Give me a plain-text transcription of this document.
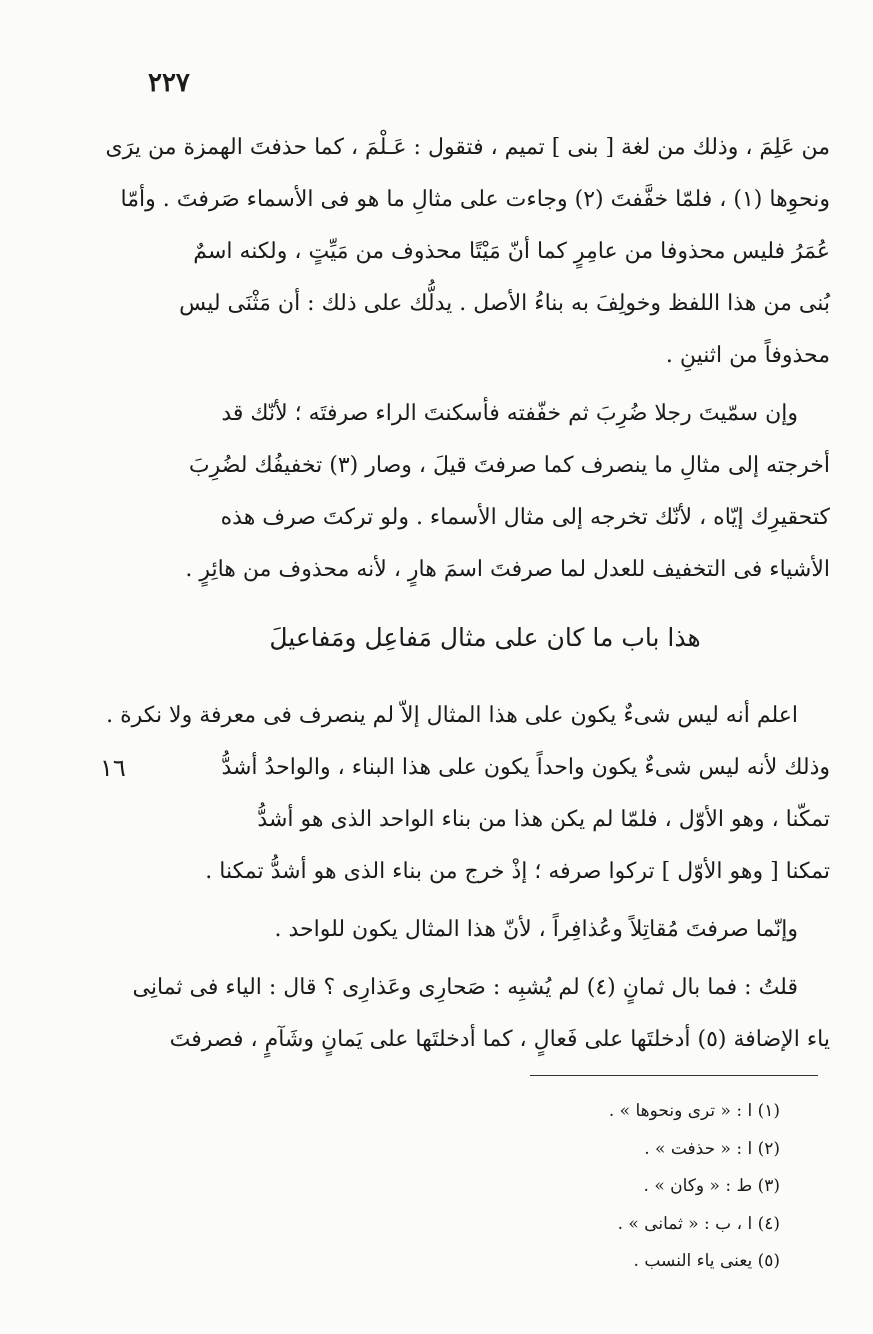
٢٢٧
١٦
من عَلِمَ ، وذلك من لغة [ بنى ] تميم ، فتقول : عَـلْمَ ، كما حذفتَ الهمزة من يرَى
ونحوِها (١) ، فلمّا خفَّفتَ (٢) وجاءت على مثالِ ما هو فى الأسماء صَرفتَ . وأمّا
عُمَرُ فليس محذوفا من عامِرٍ كما أنّ مَيْتًا محذوف من مَيِّتٍ ، ولكنه اسمٌ
بُنى من هذا اللفظ وخولِفَ به بناءُ الأصل . يدلُّك على ذلك : أن مَثْنَى ليس
محذوفاً من اثنينِ .
وإن سمّيتَ رجلا ضُرِبَ ثم خفّفته فأسكنتَ الراء صرفتَه ؛ لأنّك قد
أخرجته إلى مثالِ ما ينصرف كما صرفتَ قيلَ ، وصار (٣) تخفيفُك لضُرِبَ
كتحقيرِك إيّاه ، لأنّك تخرجه إلى مثال الأسماء . ولو تركتَ صرف هذه
الأشياء فى التخفيف للعدل لما صرفتَ اسمَ هارٍ ، لأنه محذوف من هائِرٍ .
هذا باب ما كان على مثال مَفاعِل ومَفاعيلَ
اعلم أنه ليس شىءٌ يكون على هذا المثال إلاّ لم ينصرف فى معرفة ولا نكرة .
وذلك لأنه ليس شىءٌ يكون واحداً يكون على هذا البناء ، والواحدُ أشدُّ
تمكّنا ، وهو الأوّل ، فلمّا لم يكن هذا من بناء الواحد الذى هو أشدُّ
تمكنا [ وهو الأوّل ] تركوا صرفه ؛ إذْ خرج من بناء الذى هو أشدُّ تمكنا .
وإنّما صرفتَ مُقاتِلاً وعُذافِراً ، لأنّ هذا المثال يكون للواحد .
قلتُ : فما بال ثمانٍ (٤) لم يُشبِه : صَحارِى وعَذارِى ؟ قال : الياء فى ثمانِى
ياء الإضافة (٥) أدخلتَها على فَعالٍ ، كما أدخلتَها على يَمانٍ وشَآمٍ ، فصرفتَ
(١) ا : « ترى ونحوها » .
(٢) ا : « حذفت » .
(٣) ط : « وكان » .
(٤) ا ، ب : « ثمانى » .
(٥) يعنى ياء النسب .
